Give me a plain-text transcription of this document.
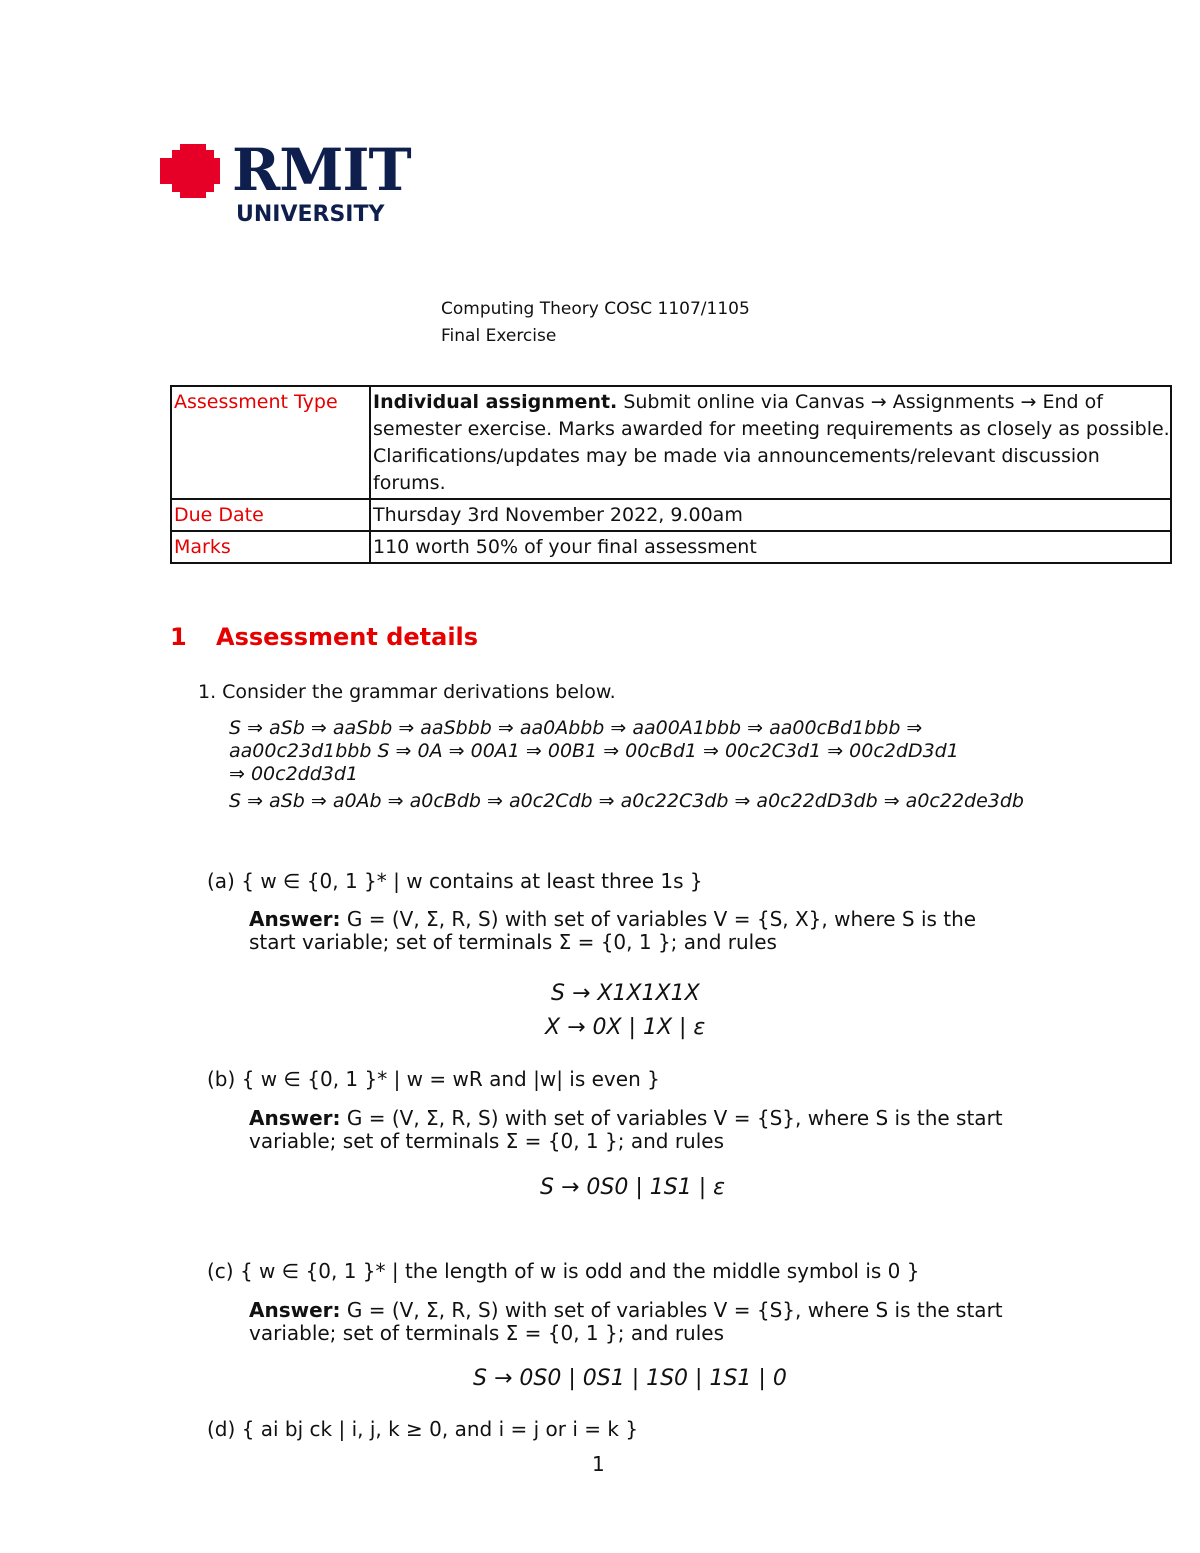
RMIT
UNIVERSITY
Computing Theory COSC 1107/1105
Final Exercise
Assessment Type	Individual assignment. Submit online via Canvas → Assignments → End of semester exercise. Marks awarded for meeting requirements as closely as possible. Clarifications/updates may be made via announcements/relevant discussion forums.
Due Date	Thursday 3rd November 2022, 9.00am
Marks	110 worth 50% of your final assessment
1 Assessment details
1. Consider the grammar derivations below.
S ⇒ aSb ⇒ aaSbb ⇒ aaSbbb ⇒ aa0Abbb ⇒ aa00A1bbb ⇒ aa00cBd1bbb ⇒
aa00c23d1bbb S ⇒ 0A ⇒ 00A1 ⇒ 00B1 ⇒ 00cBd1 ⇒ 00c2C3d1 ⇒ 00c2dD3d1
⇒ 00c2dd3d1
S ⇒ aSb ⇒ a0Ab ⇒ a0cBdb ⇒ a0c2Cdb ⇒ a0c22C3db ⇒ a0c22dD3db ⇒ a0c22de3db
(a) { w ∈ {0, 1 }* | w contains at least three 1s }
Answer: G = (V, Σ, R, S) with set of variables V = {S, X}, where S is the
start variable; set of terminals Σ = {0, 1 }; and rules
S → X1X1X1X
X → 0X | 1X | ε
(b) { w ∈ {0, 1 }* | w = wR and |w| is even }
Answer: G = (V, Σ, R, S) with set of variables V = {S}, where S is the start
variable; set of terminals Σ = {0, 1 }; and rules
S → 0S0 | 1S1 | ε
(c) { w ∈ {0, 1 }* | the length of w is odd and the middle symbol is 0 }
Answer: G = (V, Σ, R, S) with set of variables V = {S}, where S is the start
variable; set of terminals Σ = {0, 1 }; and rules
S → 0S0 | 0S1 | 1S0 | 1S1 | 0
(d) { ai bj ck | i, j, k ≥ 0, and i = j or i = k }
1
